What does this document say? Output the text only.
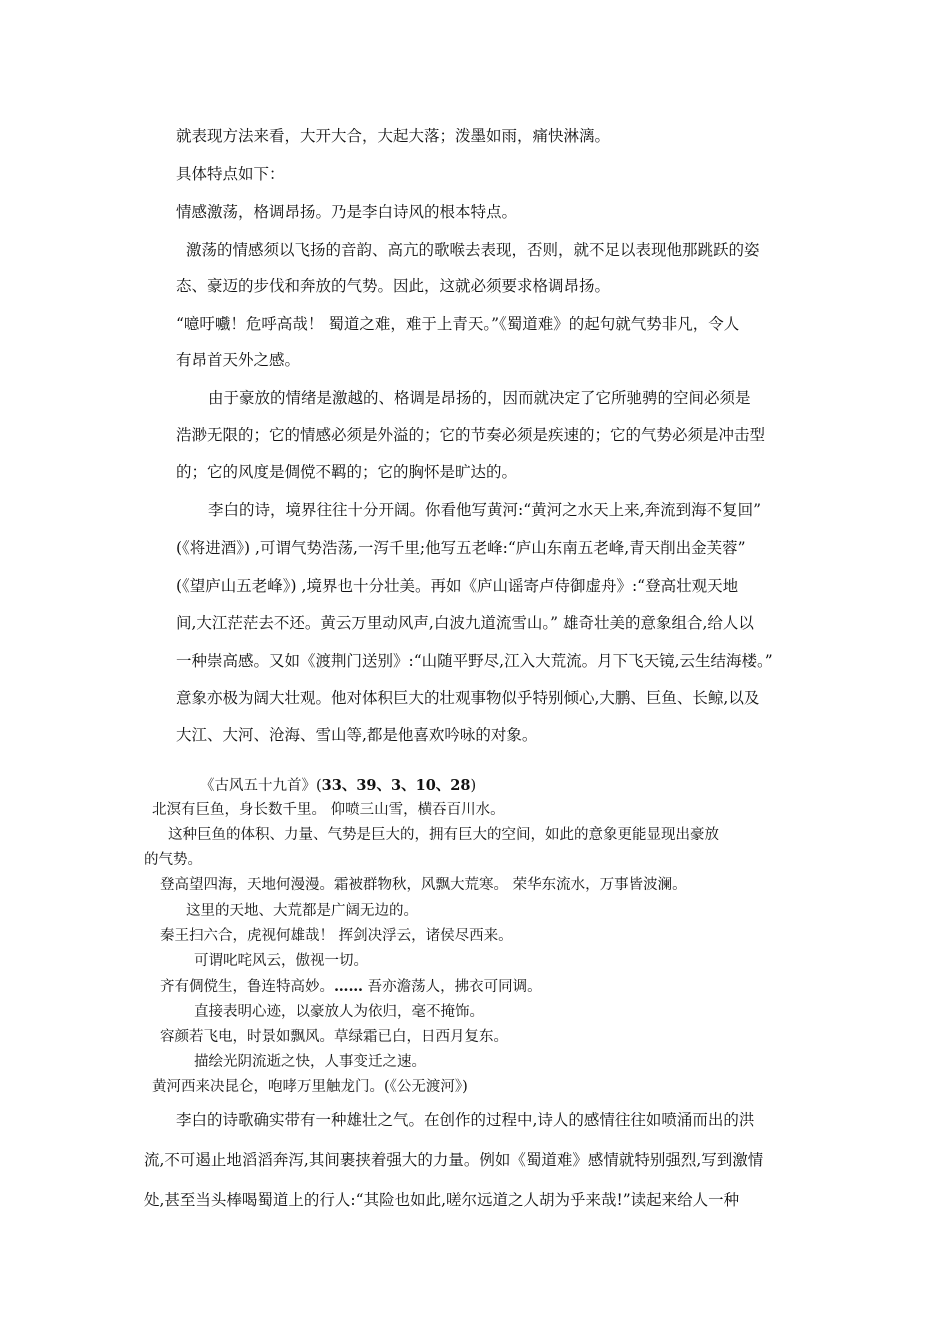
就表现方法来看，大开大合，大起大落；泼墨如雨，痛快淋漓。
具体特点如下：
情感激荡，格调昂扬。乃是李白诗风的根本特点。
激荡的情感须以飞扬的音韵、高亢的歌喉去表现，否则，就不足以表现他那跳跃的姿
态、豪迈的步伐和奔放的气势。因此，这就必须要求格调昂扬。
“噫吁嚱！危呼高哉！ 蜀道之难，难于上青天。”《蜀道难》的起句就气势非凡，令人
有昂首天外之感。
由于豪放的情绪是激越的、格调是昂扬的，因而就决定了它所驰骋的空间必须是
浩渺无限的；它的情感必须是外溢的；它的节奏必须是疾速的；它的气势必须是冲击型
的；它的风度是倜傥不羁的；它的胸怀是旷达的。
李白的诗，境界往往十分开阔。你看他写黄河:“黄河之水天上来,奔流到海不复回”
(《将进酒》) ,可谓气势浩荡,一泻千里;他写五老峰:“庐山东南五老峰,青天削出金芙蓉”
(《望庐山五老峰》) ,境界也十分壮美。再如《庐山谣寄卢侍御虚舟》:“登高壮观天地
间,大江茫茫去不还。黄云万里动风声,白波九道流雪山。” 雄奇壮美的意象组合,给人以
一种崇高感。又如《渡荆门送别》:“山随平野尽,江入大荒流。月下飞天镜,云生结海楼。”
意象亦极为阔大壮观。他对体积巨大的壮观事物似乎特别倾心,大鹏、巨鱼、长鲸,以及
大江、大河、沧海、雪山等,都是他喜欢吟咏的对象。
《古风五十九首》(33、39、3、10、28)
北溟有巨鱼，身长数千里。 仰喷三山雪，横吞百川水。
这种巨鱼的体积、力量、气势是巨大的，拥有巨大的空间，如此的意象更能显现出豪放
的气势。
登高望四海，天地何漫漫。霜被群物秋，风飘大荒寒。 荣华东流水，万事皆波澜。
这里的天地、大荒都是广阔无边的。
秦王扫六合，虎视何雄哉！ 挥剑决浮云，诸侯尽西来。
可谓叱咤风云，傲视一切。
齐有倜傥生，鲁连特高妙。…… 吾亦澹荡人，拂衣可同调。
直接表明心迹，以豪放人为依归，毫不掩饰。
容颜若飞电，时景如飘风。草绿霜已白，日西月复东。
描绘光阴流逝之快，人事变迁之速。
黄河西来决昆仑，咆哮万里触龙门。(《公无渡河》)
李白的诗歌确实带有一种雄壮之气。在创作的过程中,诗人的感情往往如喷涌而出的洪
流,不可遏止地滔滔奔泻,其间裹挟着强大的力量。例如《蜀道难》感情就特别强烈,写到激情
处,甚至当头棒喝蜀道上的行人:“其险也如此,嗟尔远道之人胡为乎来哉!”读起来给人一种
